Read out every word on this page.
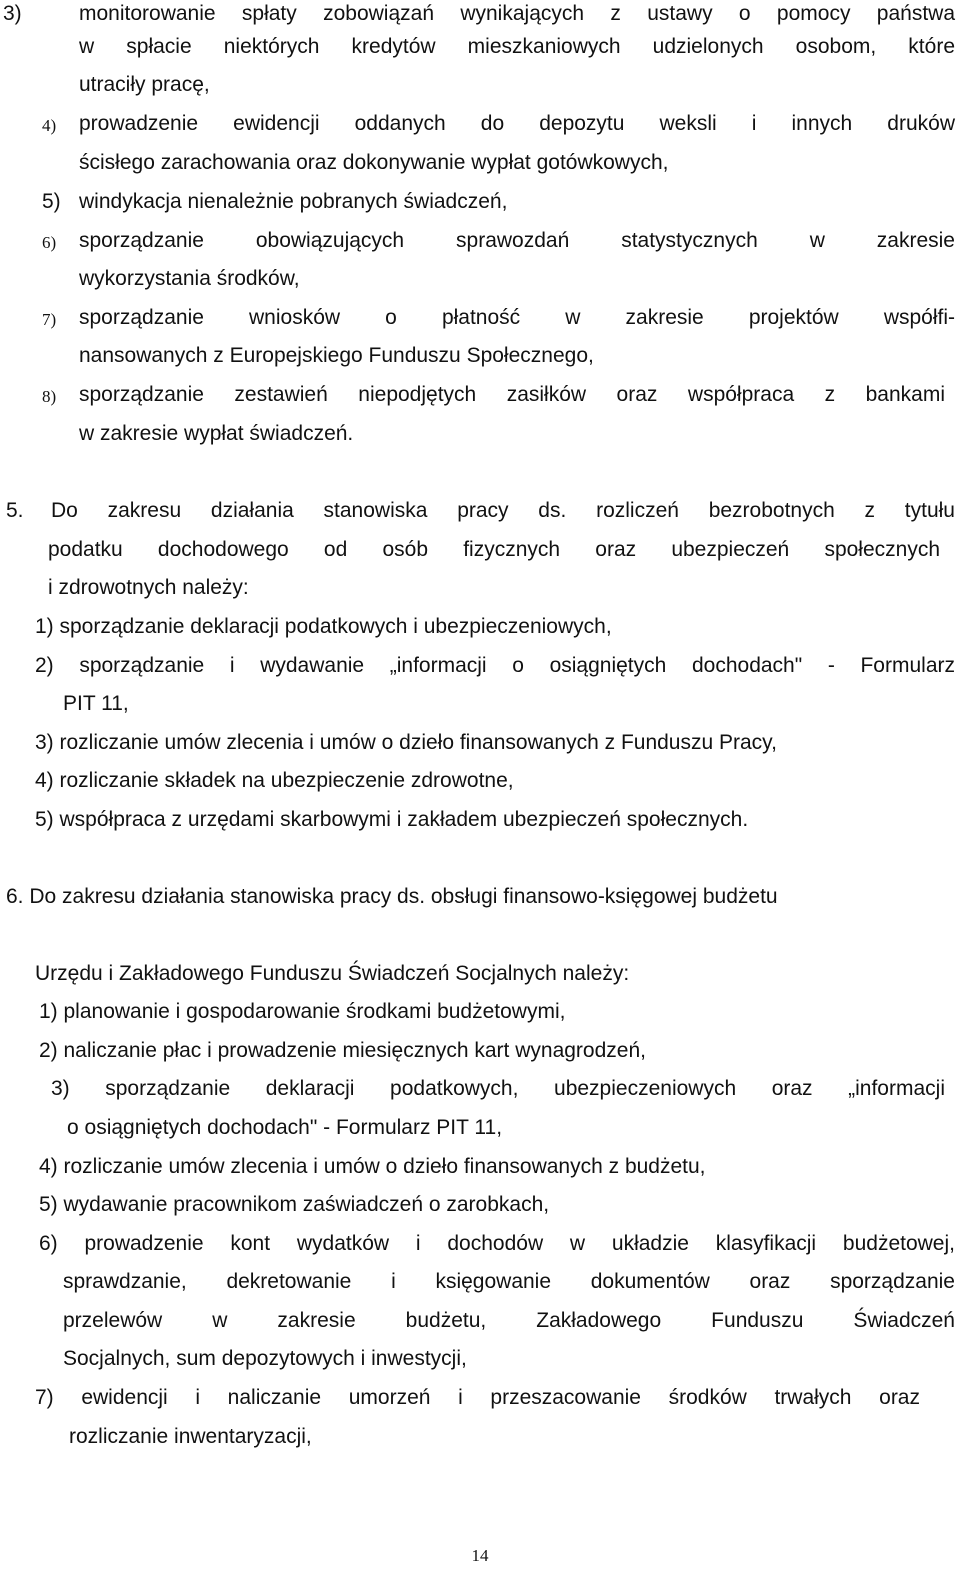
3)	monitorowanie spłaty zobowiązań wynikających z ustawy o pomocy państwa
w spłacie niektórych kredytów mieszkaniowych udzielonych osobom, które
utraciły pracę,
4) prowadzenie ewidencji oddanych do depozytu weksli i innych druków
ścisłego zarachowania oraz dokonywanie wypłat gotówkowych,
5) windykacja nienależnie pobranych świadczeń,
6) sporządzanie obowiązujących sprawozdań statystycznych w zakresie
wykorzystania środków,
7) sporządzanie wniosków o płatność w zakresie projektów współfi-
nansowanych z Europejskiego Funduszu Społecznego,
8) sporządzanie zestawień niepodjętych zasiłków oraz współpraca z bankami
w zakresie wypłat świadczeń.
5. Do zakresu działania stanowiska pracy ds. rozliczeń bezrobotnych z tytułu
podatku dochodowego od osób fizycznych oraz ubezpieczeń społecznych
i zdrowotnych należy:
1) sporządzanie deklaracji podatkowych i ubezpieczeniowych,
2) sporządzanie i wydawanie „informacji o osiągniętych dochodach" - Formularz
PIT 11,
3) rozliczanie umów zlecenia i umów o dzieło finansowanych z Funduszu Pracy,
4) rozliczanie składek na ubezpieczenie zdrowotne,
5) współpraca z urzędami skarbowymi i zakładem ubezpieczeń społecznych.
6. Do zakresu działania stanowiska pracy ds. obsługi finansowo-księgowej budżetu
Urzędu i Zakładowego Funduszu Świadczeń Socjalnych należy:
1) planowanie i gospodarowanie środkami budżetowymi,
2) naliczanie płac i prowadzenie miesięcznych kart wynagrodzeń,
3) sporządzanie deklaracji podatkowych, ubezpieczeniowych oraz „informacji
o osiągniętych dochodach" - Formularz PIT 11,
4) rozliczanie umów zlecenia i umów o dzieło finansowanych z budżetu,
5) wydawanie pracownikom zaświadczeń o zarobkach,
6) prowadzenie kont wydatków i dochodów w układzie klasyfikacji budżetowej,
sprawdzanie, dekretowanie i księgowanie dokumentów oraz sporządzanie
przelewów w zakresie budżetu, Zakładowego Funduszu Świadczeń
Socjalnych, sum depozytowych i inwestycji,
7) ewidencji i naliczanie umorzeń i przeszacowanie środków trwałych oraz
rozliczanie inwentaryzacji,
14
